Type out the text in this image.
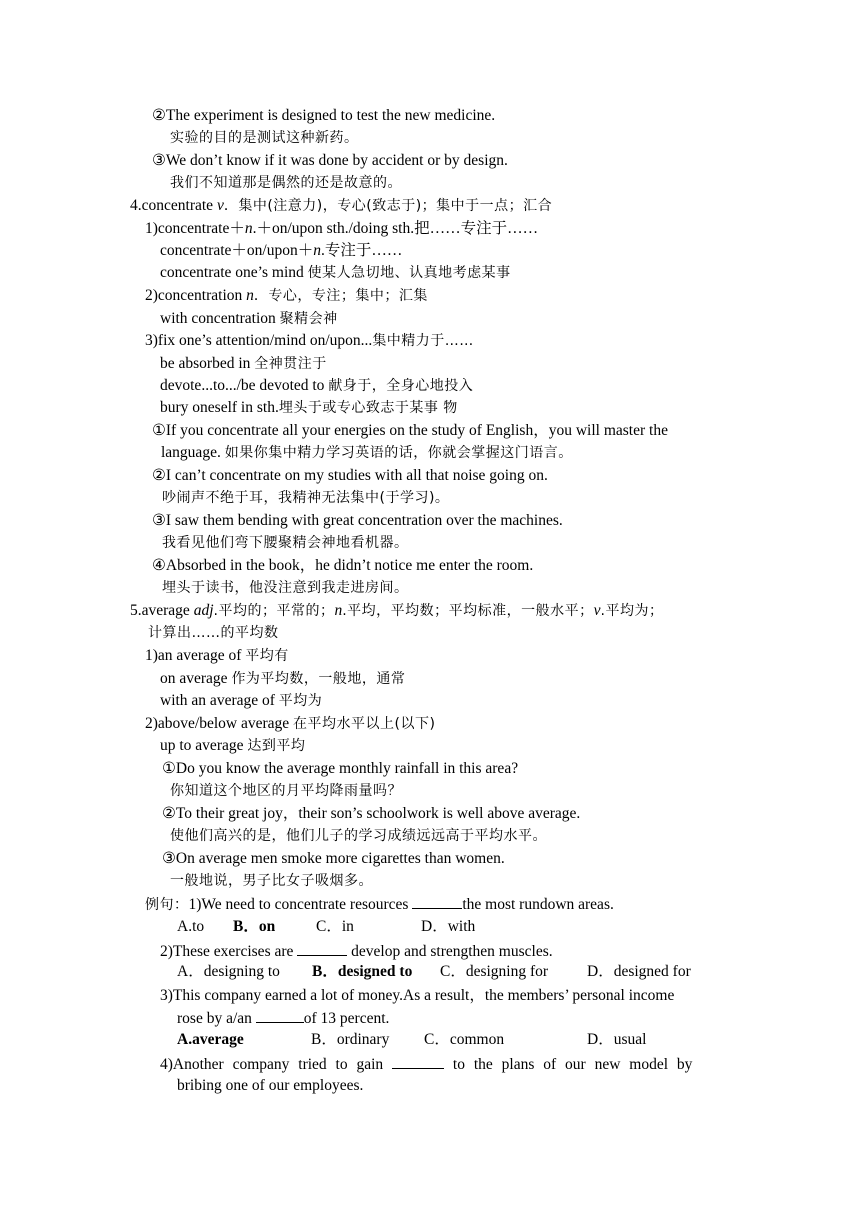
②The experiment is designed to test the new medicine.
实验的目的是测试这种新药。
③We don’t know if it was done by accident or by design.
我们不知道那是偶然的还是故意的。
4.concentrate v．集中(注意力)，专心(致志于)；集中于一点；汇合
1)concentrate＋n.＋on/upon sth./doing sth.把……专注于……
concentrate＋on/upon＋n.专注于……
concentrate one’s mind 使某人急切地、认真地考虑某事
2)concentration n．专心，专注；集中；汇集
with concentration 聚精会神
3)fix one’s attention/mind on/upon...集中精力于……
be absorbed in 全神贯注于
devote...to.../be devoted to 献身于，全身心地投入
bury oneself in sth.埋头于或专心致志于某事 物
①If you concentrate all your energies on the study of English，you will master the
language. 如果你集中精力学习英语的话，你就会掌握这门语言。
②I can’t concentrate on my studies with all that noise going on.
吵闹声不绝于耳，我精神无法集中(于学习)。
③I saw them bending with great concentration over the machines.
我看见他们弯下腰聚精会神地看机器。
④Absorbed in the book，he didn’t notice me enter the room.
埋头于读书，他没注意到我走进房间。
5.average adj.平均的；平常的；n.平均，平均数；平均标准，一般水平；v.平均为；
计算出……的平均数
1)an average of 平均有
on average 作为平均数，一般地，通常
with an average of 平均为
2)above/below average 在平均水平以上(以下)
up to average 达到平均
①Do you know the average monthly rainfall in this area?
你知道这个地区的月平均降雨量吗？
②To their great joy，their son’s schoolwork is well above average.
使他们高兴的是，他们儿子的学习成绩远远高于平均水平。
③On average men smoke more cigarettes than women.
一般地说，男子比女子吸烟多。
例句：1)We need to concentrate resources	the most rundown areas.
A.to B．on	C．in	D．with
2)These exercises are	develop and strengthen muscles.
A．designing to B．designed to C．designing for	D．designed for
3)This company earned a lot of money.As a result，the members’ personal income
rose by a/an	of 13 percent.
A.average	B．ordinary C．common	D．usual
4)Another company tried to gain	to the plans of our new model by
bribing one of our employees.
